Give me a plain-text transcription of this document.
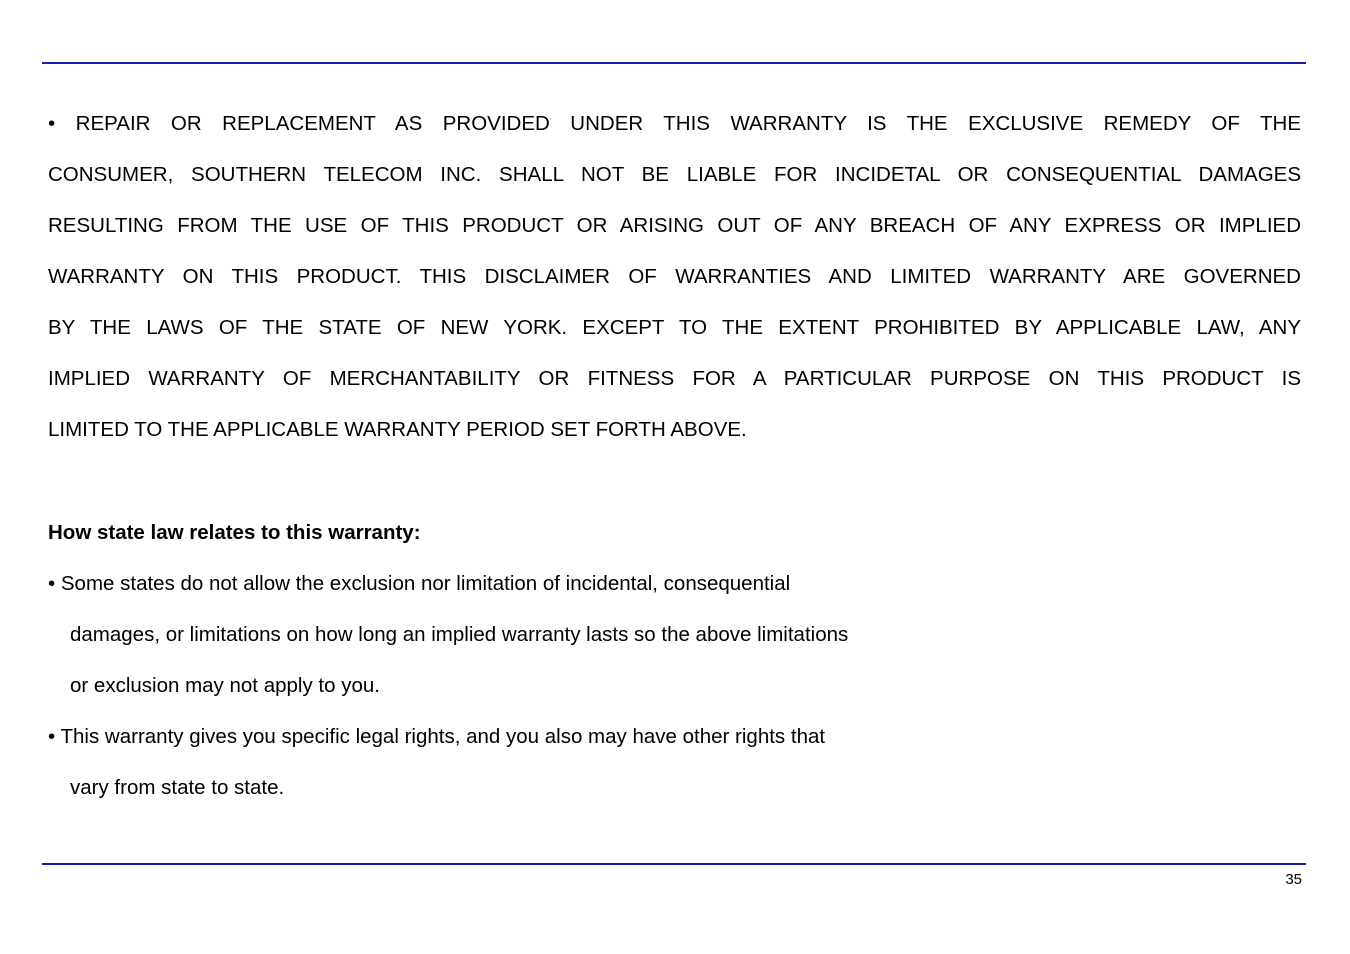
• REPAIR OR REPLACEMENT AS PROVIDED UNDER THIS WARRANTY IS THE EXCLUSIVE REMEDY OF THE
CONSUMER, SOUTHERN TELECOM INC. SHALL NOT BE LIABLE FOR INCIDETAL OR CONSEQUENTIAL DAMAGES
RESULTING FROM THE USE OF THIS PRODUCT OR ARISING OUT OF ANY BREACH OF ANY EXPRESS OR IMPLIED
WARRANTY ON THIS PRODUCT. THIS DISCLAIMER OF WARRANTIES AND LIMITED WARRANTY ARE GOVERNED
BY THE LAWS OF THE STATE OF NEW YORK. EXCEPT TO THE EXTENT PROHIBITED BY APPLICABLE LAW, ANY
IMPLIED WARRANTY OF MERCHANTABILITY OR FITNESS FOR A PARTICULAR PURPOSE ON THIS PRODUCT IS
LIMITED TO THE APPLICABLE WARRANTY PERIOD SET FORTH ABOVE.
How state law relates to this warranty:
• Some states do not allow the exclusion nor limitation of incidental, consequential
damages, or limitations on how long an implied warranty lasts so the above limitations
or exclusion may not apply to you.
• This warranty gives you specific legal rights, and you also may have other rights that
vary from state to state.
35
